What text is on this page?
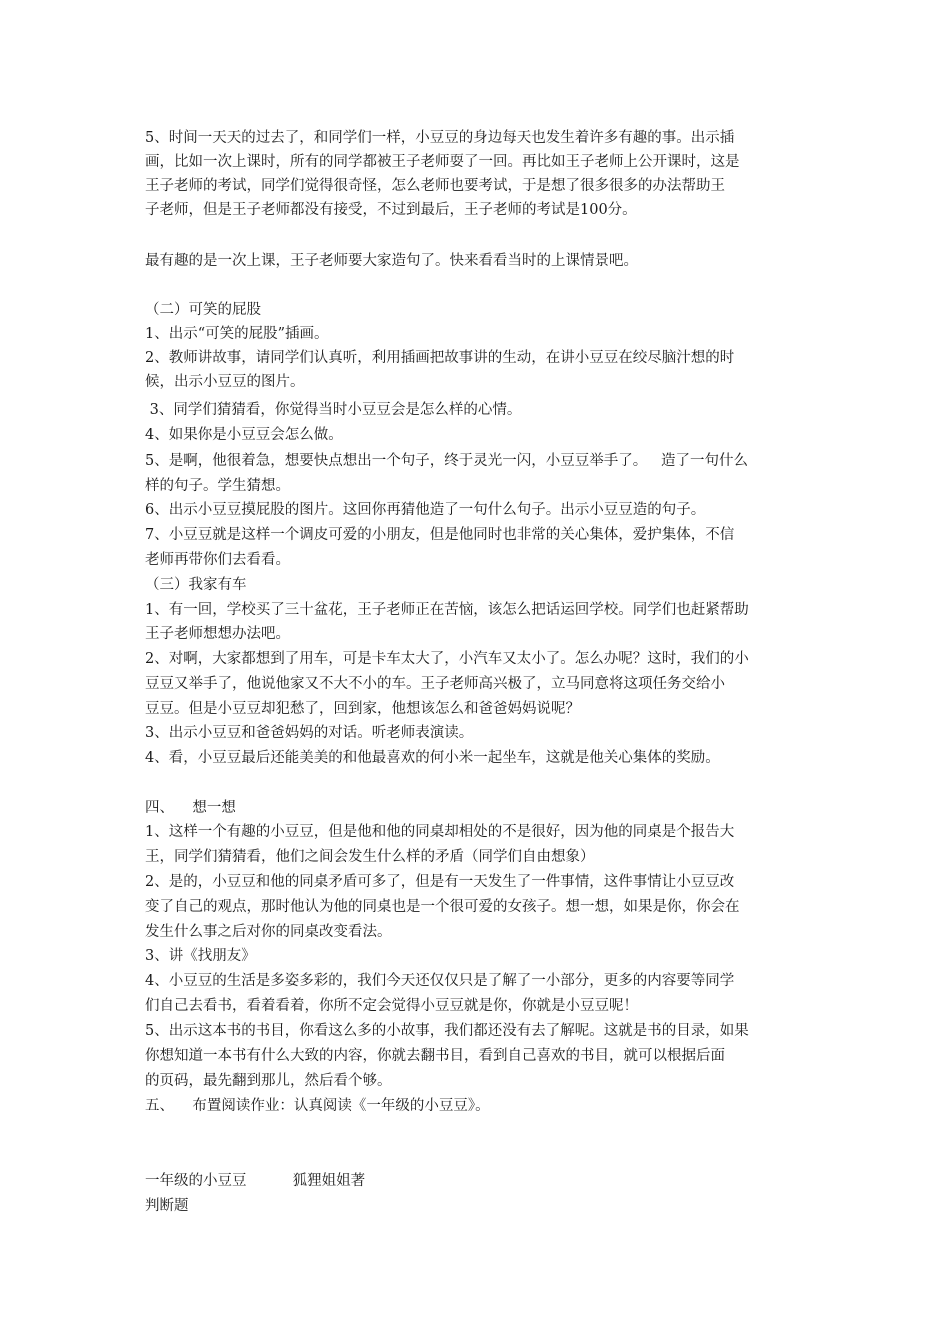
5、时间一天天的过去了，和同学们一样，小豆豆的身边每天也发生着许多有趣的事。出示插
画，比如一次上课时，所有的同学都被王子老师耍了一回。再比如王子老师上公开课时，这是
王子老师的考试，同学们觉得很奇怪，怎么老师也要考试，于是想了很多很多的办法帮助王
子老师，但是王子老师都没有接受，不过到最后，王子老师的考试是100分。
最有趣的是一次上课，王子老师要大家造句了。快来看看当时的上课情景吧。
（二）可笑的屁股
1、出示“可笑的屁股”插画。
2、教师讲故事，请同学们认真听，利用插画把故事讲的生动，在讲小豆豆在绞尽脑汁想的时
候，出示小豆豆的图片。
3、同学们猜猜看，你觉得当时小豆豆会是怎么样的心情。
4、如果你是小豆豆会怎么做。
5、是啊，他很着急，想要快点想出一个句子，终于灵光一闪，小豆豆举手了。   造了一句什么
样的句子。学生猜想。
6、出示小豆豆摸屁股的图片。这回你再猜他造了一句什么句子。出示小豆豆造的句子。
7、小豆豆就是这样一个调皮可爱的小朋友，但是他同时也非常的关心集体，爱护集体，不信
老师再带你们去看看。
（三）我家有车
1、有一回，学校买了三十盆花，王子老师正在苦恼，该怎么把话运回学校。同学们也赶紧帮助
王子老师想想办法吧。
2、对啊，大家都想到了用车，可是卡车太大了，小汽车又太小了。怎么办呢？这时，我们的小
豆豆又举手了，他说他家又不大不小的车。王子老师高兴极了，立马同意将这项任务交给小
豆豆。但是小豆豆却犯愁了，回到家，他想该怎么和爸爸妈妈说呢？
3、出示小豆豆和爸爸妈妈的对话。听老师表演读。
4、看，小豆豆最后还能美美的和他最喜欢的何小米一起坐车，这就是他关心集体的奖励。
四、    想一想
1、这样一个有趣的小豆豆，但是他和他的同桌却相处的不是很好，因为他的同桌是个报告大
王，同学们猜猜看，他们之间会发生什么样的矛盾（同学们自由想象）
2、是的，小豆豆和他的同桌矛盾可多了，但是有一天发生了一件事情，这件事情让小豆豆改
变了自己的观点，那时他认为他的同桌也是一个很可爱的女孩子。想一想，如果是你，你会在
发生什么事之后对你的同桌改变看法。
3、讲《找朋友》
4、小豆豆的生活是多姿多彩的，我们今天还仅仅只是了解了一小部分，更多的内容要等同学
们自己去看书，看着看着，你所不定会觉得小豆豆就是你，你就是小豆豆呢！
5、出示这本书的书目，你看这么多的小故事，我们都还没有去了解呢。这就是书的目录，如果
你想知道一本书有什么大致的内容，你就去翻书目，看到自己喜欢的书目，就可以根据后面
的页码，最先翻到那儿，然后看个够。
五、    布置阅读作业：认真阅读《一年级的小豆豆》。
一年级的小豆豆          狐狸姐姐著
判断题
